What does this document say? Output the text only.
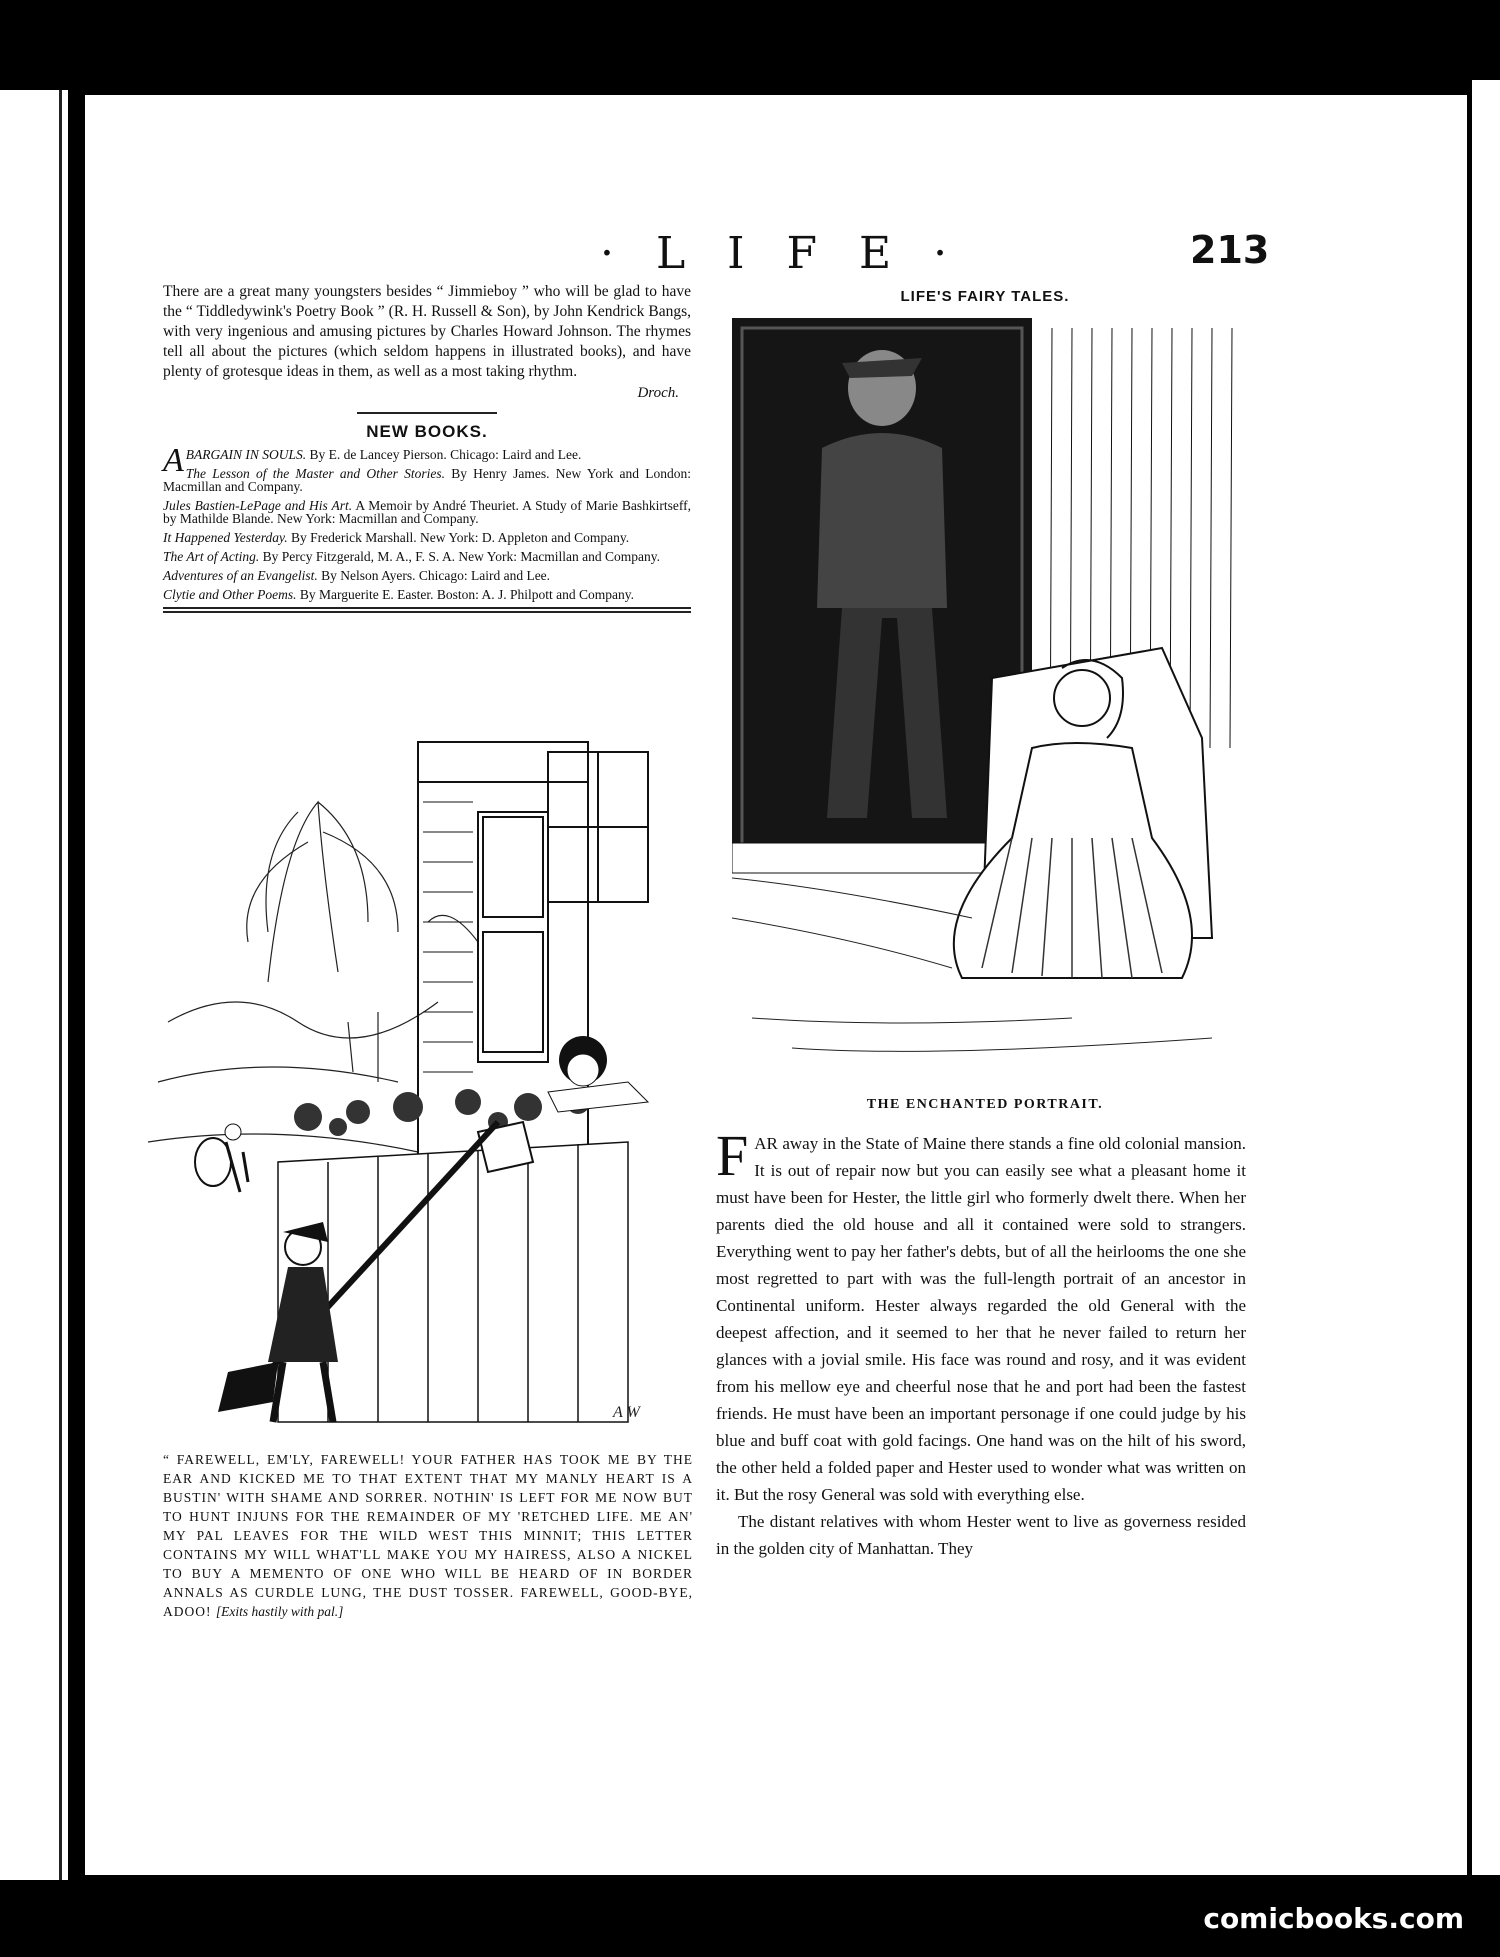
· L I F E ·	213

There are a great many youngsters besides “ Jimmieboy ” who will be glad to have the “ Tiddledywink's Poetry Book ” (R. H. Russell & Son), by John Kendrick Bangs, with very ingenious and amusing pictures by Charles Howard Johnson. The rhymes tell all about the pictures (which seldom happens in illustrated books), and have plenty of grotesque ideas in them, as well as a most taking rhythm.

Droch.
NEW BOOKS.

ABARGAIN IN SOULS. By E. de Lancey Pierson. Chicago: Laird and Lee.

The Lesson of the Master and Other Stories. By Henry James. New York and London: Macmillan and Company.

Jules Bastien-LePage and His Art. A Memoir by André Theuriet. A Study of Marie Bashkirtseff, by Mathilde Blande. New York: Macmillan and Company.

It Happened Yesterday. By Frederick Marshall. New York: D. Appleton and Company.

The Art of Acting. By Percy Fitzgerald, M. A., F. S. A. New York: Macmillan and Company.

Adventures of an Evangelist. By Nelson Ayers. Chicago: Laird and Lee.

Clytie and Other Poems. By Marguerite E. Easter. Boston: A. J. Philpott and Company.

A W
“ FAREWELL, EM'LY, FAREWELL! YOUR FATHER HAS TOOK ME BY THE EAR AND KICKED ME TO THAT EXTENT THAT MY MANLY HEART IS A BUSTIN' WITH SHAME AND SORRER. NOTHIN' IS LEFT FOR ME NOW BUT TO HUNT INJUNS FOR THE REMAINDER OF MY 'RETCHED LIFE. ME AN' MY PAL LEAVES FOR THE WILD WEST THIS MINNIT; THIS LETTER CONTAINS MY WILL WHAT'LL MAKE YOU MY HAIRESS, ALSO A NICKEL TO BUY A MEMENTO OF ONE WHO WILL BE HEARD OF IN BORDER ANNALS AS CURDLE LUNG, THE DUST TOSSER. FAREWELL, GOOD-BYE, ADOO! [Exits hastily with pal.]
LIFE'S FAIRY TALES.
THE ENCHANTED PORTRAIT.

FAR away in the State of Maine there stands a fine old colonial mansion. It is out of repair now but you can easily see what a pleasant home it must have been for Hester, the little girl who formerly dwelt there. When her parents died the old house and all it contained were sold to strangers. Everything went to pay her father's debts, but of all the heirlooms the one she most regretted to part with was the full-length portrait of an ancestor in Continental uniform. Hester always regarded the old General with the deepest affection, and it seemed to her that he never failed to return her glances with a jovial smile. His face was round and rosy, and it was evident from his mellow eye and cheerful nose that he and port had been the fastest friends. He must have been an important personage if one could judge by his blue and buff coat with gold facings. One hand was on the hilt of his sword, the other held a folded paper and Hester used to wonder what was written on it. But the rosy General was sold with everything else.

The distant relatives with whom Hester went to live as governess resided in the golden city of Manhattan. They

comicbooks.com
